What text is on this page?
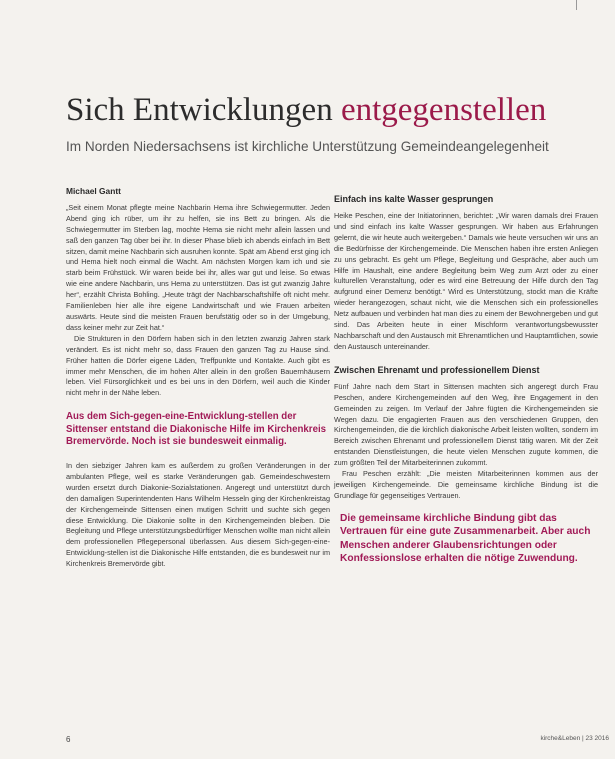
Sich Entwicklungen entgegenstellen

Im Norden Niedersachsens ist kirchliche Unterstützung Gemeindeangelegenheit

Michael Gantt

„Seit einem Monat pflegte meine Nachbarin Hema ihre Schwiegermutter. Jeden Abend ging ich rüber, um ihr zu helfen, sie ins Bett zu bringen. Als die Schwiegermutter im Sterben lag, mochte Hema sie nicht mehr allein lassen und saß den ganzen Tag über bei ihr. In dieser Phase blieb ich abends einfach im Bett sitzen, damit meine Nachbarin sich ausruhen konnte. Spät am Abend erst ging ich und Hema hielt noch einmal die Wacht. Am nächsten Morgen kam ich und sie starb beim Frühstück. Wir waren beide bei ihr, alles war gut und leise. So etwas wie eine andere Nachbarin, uns Hema zu unterstützen. Das ist gut zwanzig Jahre her“, erzählt Christa Bohling. „Heute trägt der Nachbarschaftshilfe oft nicht mehr. Familienleben hier alle ihre eigene Landwirtschaft und wie Frauen arbeiten auswärts. Heute sind die meisten Frauen berufstätig oder so in der Umgebung, dass keiner mehr zur Zeit hat.“

Die Strukturen in den Dörfern haben sich in den letzten zwanzig Jahren stark verändert. Es ist nicht mehr so, dass Frauen den ganzen Tag zu Hause sind. Früher hatten die Dörfer eigene Läden, Treffpunkte und Kontakte. Auch gibt es immer mehr Menschen, die im hohen Alter allein in den großen Bauernhäusern leben. Viel Fürsorglichkeit und es bei uns in den Dörfern, weil auch die Kinder nicht mehr in der Nähe leben.

Aus dem Sich-gegen-eine-Entwicklung-stellen der Sittenser entstand die Diakonische Hilfe im Kirchenkreis Bremervörde. Noch ist sie bundesweit einmalig.

In den siebziger Jahren kam es außerdem zu großen Veränderungen in der ambulanten Pflege, weil es starke Veränderungen gab. Gemeindeschwestern wurden ersetzt durch Diakonie-Sozialstationen. Angeregt und unterstützt durch den damaligen Superintendenten Hans Wilhelm Hesseln ging der Kirchenkreistag der Kirchengemeinde Sittensen einen mutigen Schritt und suchte sich gegen diese Entwicklung. Die Diakonie sollte in den Kirchengemeinden bleiben. Die Begleitung und Pflege unterstützungsbedürftiger Menschen wollte man nicht allein dem professionellen Pflegepersonal überlassen. Aus diesem Sich-gegen-eine-Entwicklung-stellen ist die Diakonische Hilfe entstanden, die es bundesweit nur im Kirchenkreis Bremervörde gibt.

Einfach ins kalte Wasser gesprungen

Heike Peschen, eine der Initiatorinnen, berichtet: „Wir waren damals drei Frauen und sind einfach ins kalte Wasser gesprungen. Wir haben aus Erfahrungen gelernt, die wir heute auch weitergeben.“ Damals wie heute versuchen wir uns an die Bedürfnisse der Kirchengemeinde. Die Menschen haben ihre ersten Anliegen zu uns gebracht. Es geht um Pflege, Begleitung und Gespräche, aber auch um Hilfe im Haushalt, eine andere Begleitung beim Weg zum Arzt oder zu einer kulturellen Veranstaltung, oder es wird eine Betreuung der Hilfe durch den Tag aufgrund einer Demenz benötigt.“ Wird es Unterstützung, stockt man die Kräfte wieder herangezogen, schaut nicht, wie die Menschen sich ein professionelles Netz aufbauen und verbinden hat man dies zu einem der Bewohnergeben und gut sind. Das Arbeiten heute in einer Mischform verantwortungsbewusster Nachbarschaft und den Austausch mit Ehrenamtlichen und Hauptamtlichen, sowie den Austausch untereinander.

Zwischen Ehrenamt und professionellem Dienst

Fünf Jahre nach dem Start in Sittensen machten sich angeregt durch Frau Peschen, andere Kirchengemeinden auf den Weg, ihre Engagement in den Gemeinden zu zeigen. Im Verlauf der Jahre fügten die Kirchengemeinden sie Wegen dazu. Die engagierten Frauen aus den verschiedenen Gruppen, den Kirchengemeinden, die die kirchlich diakonische Arbeit leisten wollten, sondern im Bereich zwischen Ehrenamt und professionellem Dienst tätig waren. Mit der Zeit entstanden Dienstleistungen, die heute vielen Menschen zugute kommen, die zum größten Teil der Mitarbeiterinnen zukommt.

Frau Peschen erzählt: „Die meisten Mitarbeiterinnen kommen aus der jeweiligen Kirchengemeinde. Die gemeinsame kirchliche Bindung ist die Grundlage für gegenseitiges Vertrauen.

Die gemeinsame kirchliche Bindung gibt das Vertrauen für eine gute Zusammenarbeit. Aber auch Menschen anderer Glaubensrichtungen oder Konfessionslose erhalten die nötige Zuwendung.
6	kirche&Leben | 23 2016
